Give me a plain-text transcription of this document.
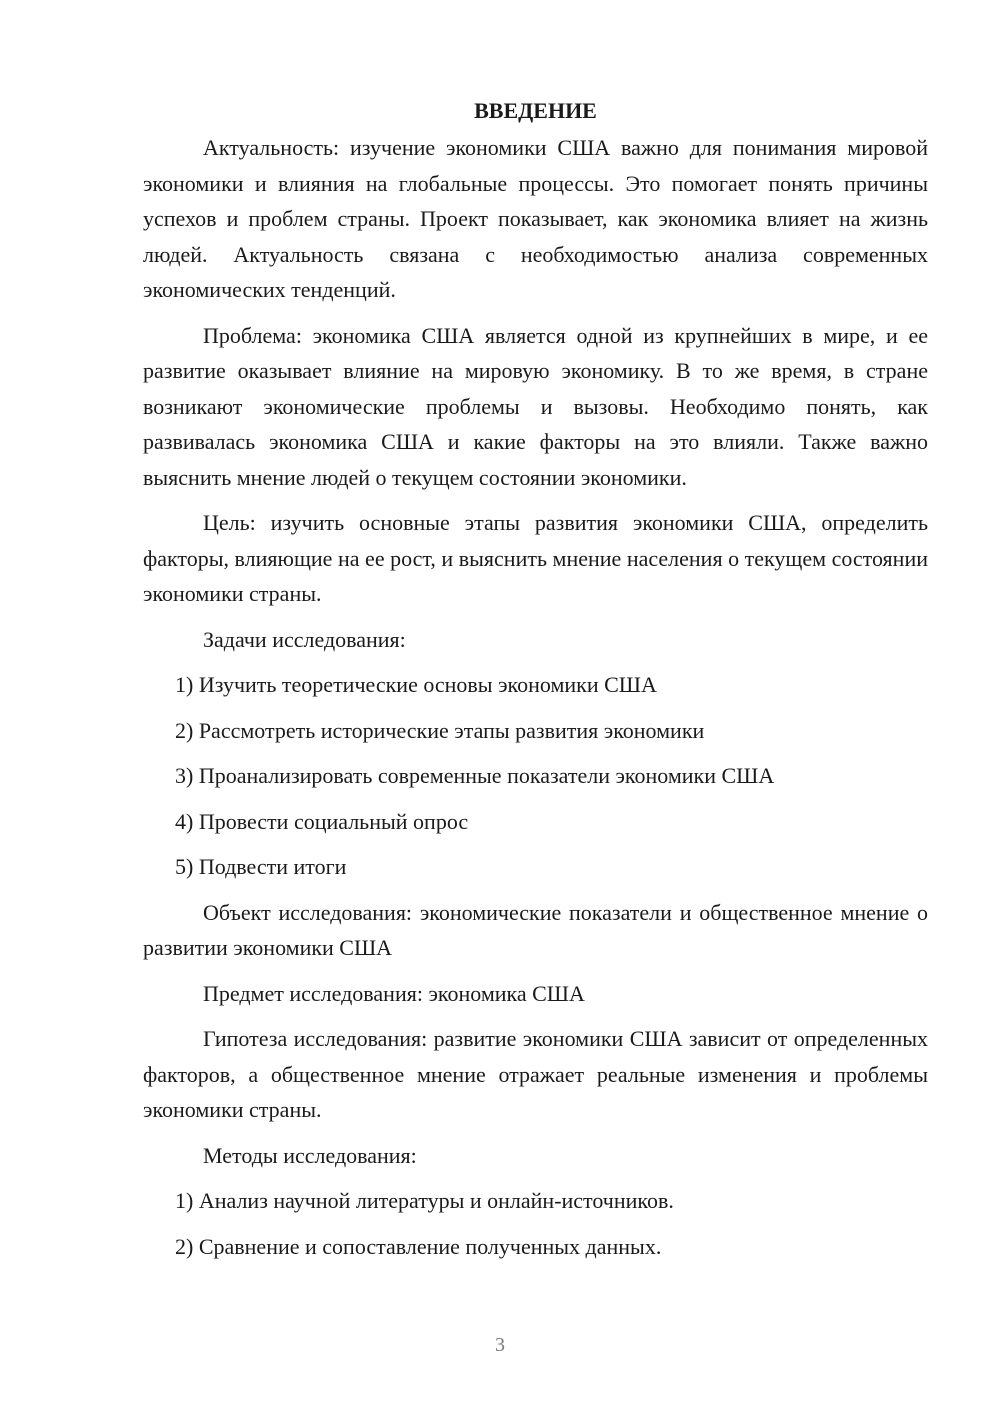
ВВЕДЕНИЕ

Актуальность: изучение экономики США важно для понимания мировой экономики и влияния на глобальные процессы. Это помогает понять причины успехов и проблем страны. Проект показывает, как экономика влияет на жизнь людей. Актуальность связана с необходимостью анализа современных экономических тенденций.

Проблема: экономика США является одной из крупнейших в мире, и ее развитие оказывает влияние на мировую экономику. В то же время, в стране возникают экономические проблемы и вызовы. Необходимо понять, как развивалась экономика США и какие факторы на это влияли. Также важно выяснить мнение людей о текущем состоянии экономики.

Цель: изучить основные этапы развития экономики США, определить факторы, влияющие на ее рост, и выяснить мнение населения о текущем состоянии экономики страны.

Задачи исследования:

1) Изучить теоретические основы экономики США

2) Рассмотреть исторические этапы развития экономики

3) Проанализировать современные показатели экономики США

4) Провести социальный опрос

5) Подвести итоги

Объект исследования: экономические показатели и общественное мнение о развитии экономики США

Предмет исследования: экономика США

Гипотеза исследования: развитие экономики США зависит от определенных факторов, а общественное мнение отражает реальные изменения и проблемы экономики страны.

Методы исследования:

1) Анализ научной литературы и онлайн-источников.

2) Сравнение и сопоставление полученных данных.

3
